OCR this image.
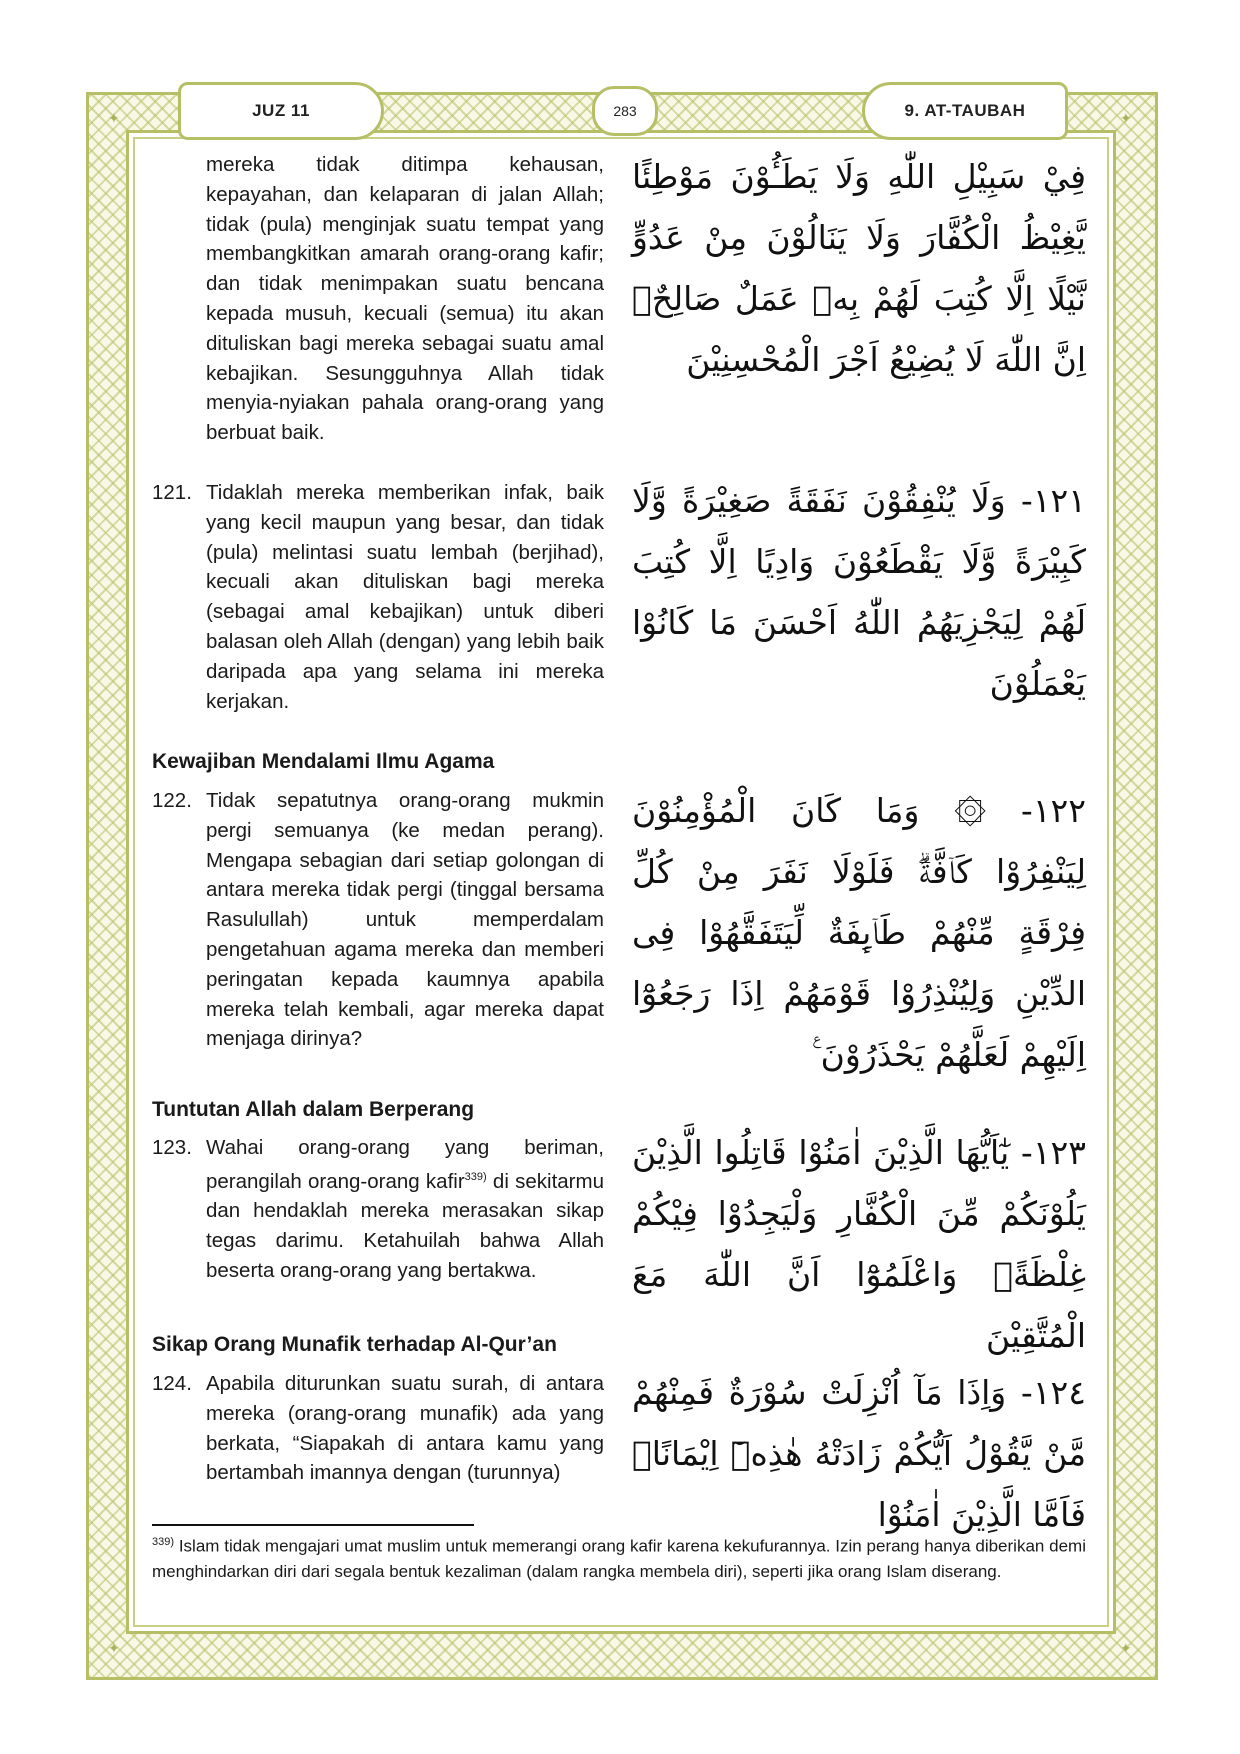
✦	✦
✦	✦
JUZ 11	283	9. AT-TAUBAH
mereka tidak ditimpa kehausan, kepayahan, dan kelaparan di jalan Allah; tidak (pula) menginjak suatu tempat yang membangkitkan amarah orang-orang kafir; dan tidak menimpakan suatu bencana kepada musuh, kecuali (semua) itu akan dituliskan bagi mereka sebagai suatu amal kebajikan. Sesungguhnya Allah tidak menyia-nyiakan pahala orang-orang yang berbuat baik.
فِيْ سَبِيْلِ اللّٰهِ وَلَا يَطَـُٔوْنَ مَوْطِئًا يَّغِيْظُ الْكُفَّارَ وَلَا يَنَالُوْنَ مِنْ عَدُوٍّ نَّيْلًا اِلَّا كُتِبَ لَهُمْ بِهٖ عَمَلٌ صَالِحٌۗ اِنَّ اللّٰهَ لَا يُضِيْعُ اَجْرَ الْمُحْسِنِيْنَ
121. Tidaklah mereka memberikan infak, baik yang kecil maupun yang besar, dan tidak (pula) melintasi suatu lembah (berjihad), kecuali akan dituliskan bagi mereka (sebagai amal kebajikan) untuk diberi balasan oleh Allah (dengan) yang lebih baik daripada apa yang selama ini mereka kerjakan.
١٢١- وَلَا يُنْفِقُوْنَ نَفَقَةً صَغِيْرَةً وَّلَا كَبِيْرَةً وَّلَا يَقْطَعُوْنَ وَادِيًا اِلَّا كُتِبَ لَهُمْ لِيَجْزِيَهُمُ اللّٰهُ اَحْسَنَ مَا كَانُوْا يَعْمَلُوْنَ
Kewajiban Mendalami Ilmu Agama
122. Tidak sepatutnya orang-orang mukmin pergi semuanya (ke medan perang). Mengapa sebagian dari setiap golongan di antara mereka tidak pergi (tinggal bersama Rasulullah) untuk memperdalam pengetahuan agama mereka dan memberi peringatan kepada kaumnya apabila mereka telah kembali, agar mereka dapat menjaga dirinya?
١٢٢- ۞ وَمَا كَانَ الْمُؤْمِنُوْنَ لِيَنْفِرُوْا كَاۤفَّةًۗ فَلَوْلَا نَفَرَ مِنْ كُلِّ فِرْقَةٍ مِّنْهُمْ طَاۤىِٕفَةٌ لِّيَتَفَقَّهُوْا فِى الدِّيْنِ وَلِيُنْذِرُوْا قَوْمَهُمْ اِذَا رَجَعُوْٓا اِلَيْهِمْ لَعَلَّهُمْ يَحْذَرُوْنَ ࣖ
Tuntutan Allah dalam Berperang
123. Wahai orang-orang yang beriman, perangilah orang-orang kafir$^{339)}$ di sekitarmu dan hendaklah mereka merasakan sikap tegas darimu. Ketahuilah bahwa Allah beserta orang-orang yang bertakwa.
١٢٣- يٰٓاَيُّهَا الَّذِيْنَ اٰمَنُوْا قَاتِلُوا الَّذِيْنَ يَلُوْنَكُمْ مِّنَ الْكُفَّارِ وَلْيَجِدُوْا فِيْكُمْ غِلْظَةًۗ وَاعْلَمُوْٓا اَنَّ اللّٰهَ مَعَ الْمُتَّقِيْنَ
Sikap Orang Munafik terhadap Al-Qur’an
124. Apabila diturunkan suatu surah, di antara mereka (orang-orang munafik) ada yang berkata, “Siapakah di antara kamu yang bertambah imannya dengan (turunnya)
١٢٤- وَاِذَا مَآ اُنْزِلَتْ سُوْرَةٌ فَمِنْهُمْ مَّنْ يَّقُوْلُ اَيُّكُمْ زَادَتْهُ هٰذِهٖٓ اِيْمَانًاۚ فَاَمَّا الَّذِيْنَ اٰمَنُوْا
$^{339)}$ Islam tidak mengajari umat muslim untuk memerangi orang kafir karena kekufurannya. Izin perang hanya diberikan demi menghindarkan diri dari segala bentuk kezaliman (dalam rangka membela diri), seperti jika orang Islam diserang.
